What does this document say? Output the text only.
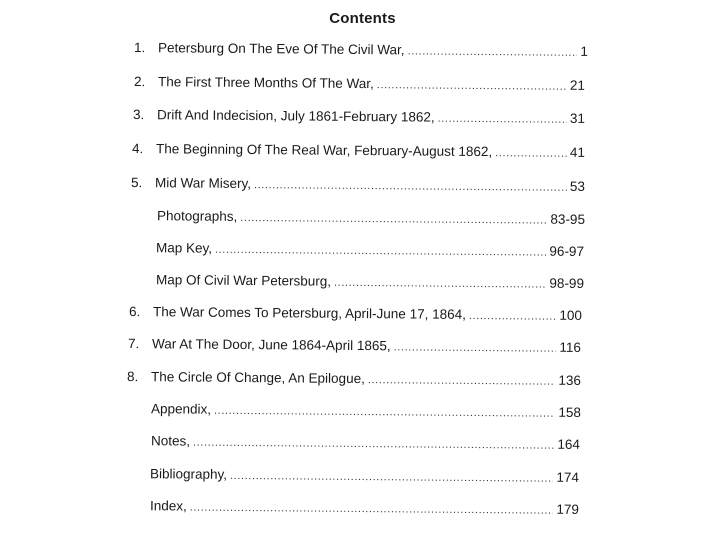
Contents
1. Petersburg On The Eve Of The Civil War, .....	1
2. The First Three Months Of The War, .....	21
3. Drift And Indecision, July 1861-February 1862, .....	31
4. The Beginning Of The Real War, February-August 1862, .....	41
5. Mid War Misery, .....	53
Photographs, .....	83-95
Map Key, .....	96-97
Map Of Civil War Petersburg, .....	98-99
6. The War Comes To Petersburg, April-June 17, 1864, .....	100
7. War At The Door, June 1864-April 1865, .....	116
8. The Circle Of Change, An Epilogue, .....	136
Appendix, .....	158
Notes, .....	164
Bibliography, .....	174
Index, .....	179
